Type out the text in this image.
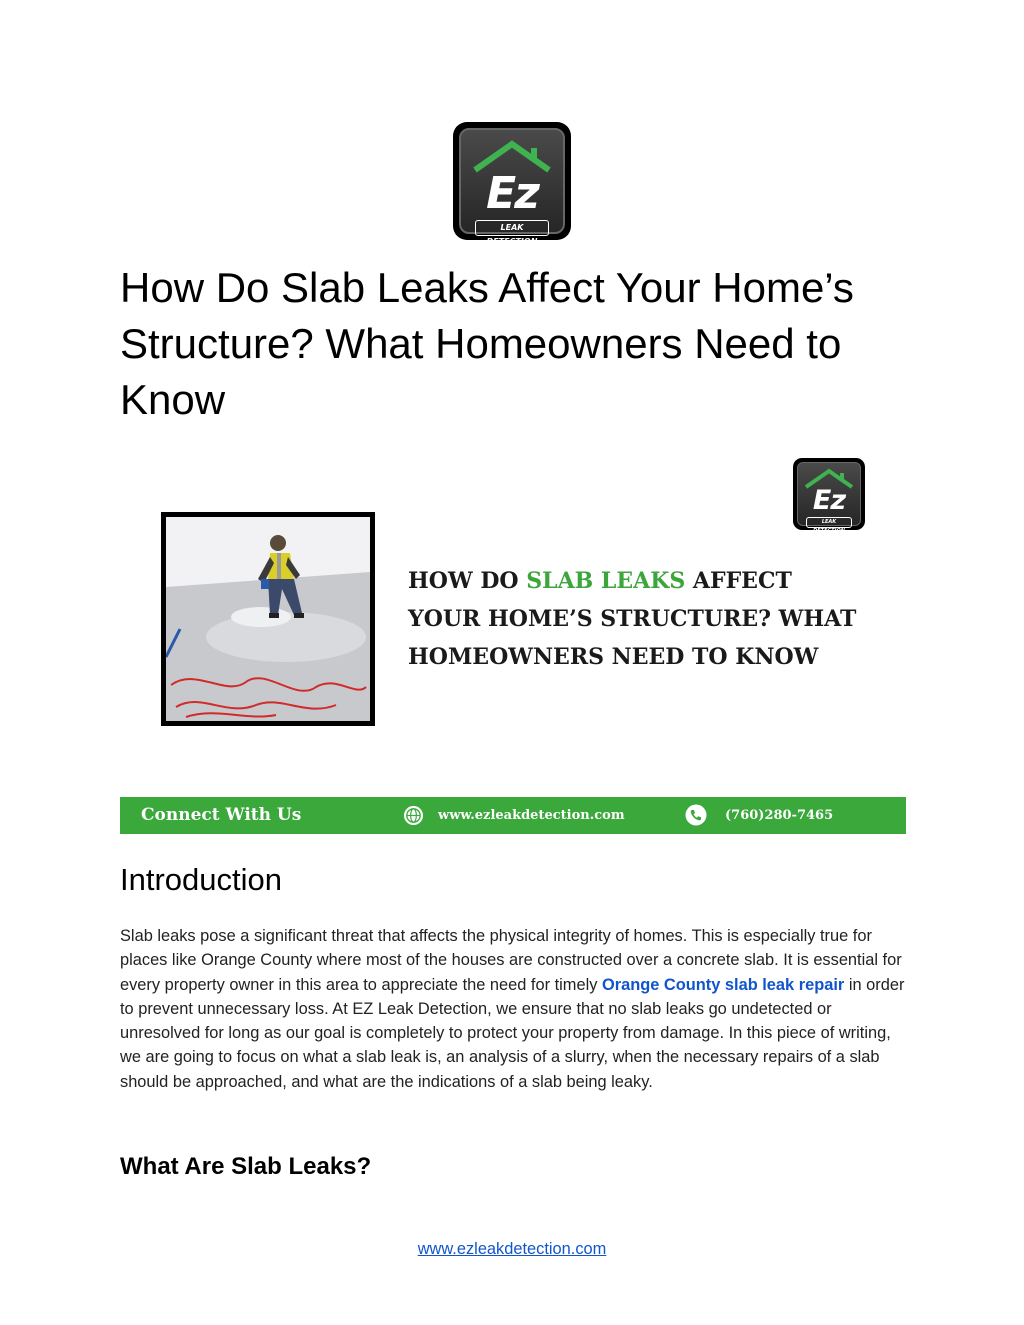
Ez
LEAK DETECTION
How Do Slab Leaks Affect Your Home’s Structure? What Homeowners Need to Know
Ez
LEAK DETECTION

HOW DO SLAB LEAKS AFFECT YOUR HOME’S STRUCTURE? WHAT HOMEOWNERS NEED TO KNOW

Connect With Us	www.ezleakdetection.com	(760)280-7465
Introduction

Slab leaks pose a significant threat that affects the physical integrity of homes. This is especially true for places like Orange County where most of the houses are constructed over a concrete slab. It is essential for every property owner in this area to appreciate the need for timely Orange County slab leak repair in order to prevent unnecessary loss. At EZ Leak Detection, we ensure that no slab leaks go undetected or unresolved for long as our goal is completely to protect your property from damage. In this piece of writing, we are going to focus on what a slab leak is, an analysis of a slurry, when the necessary repairs of a slab should be approached, and what are the indications of a slab being leaky.

What Are Slab Leaks?
www.ezleakdetection.com
